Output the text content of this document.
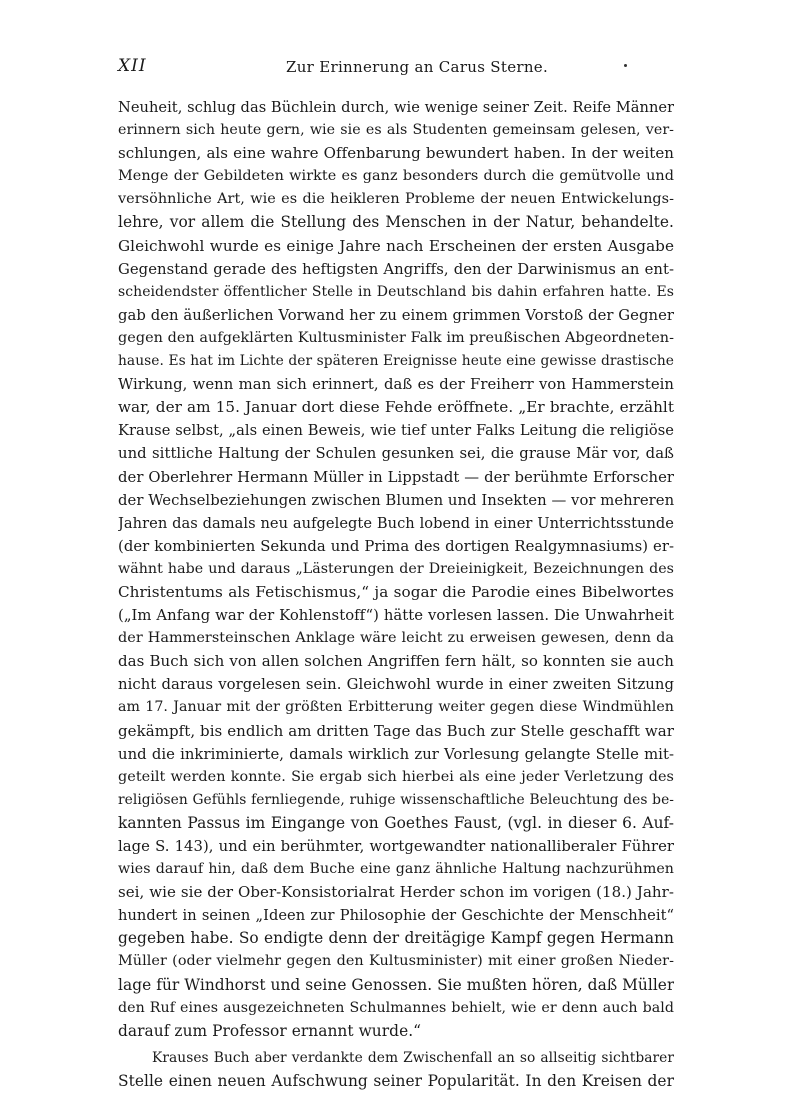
XII	Zur Erinnerung an Carus Sterne.
Neuheit, schlug das Büchlein durch, wie wenige seiner Zeit. Reife Männer
erinnern sich heute gern, wie sie es als Studenten gemeinsam gelesen, ver-
schlungen, als eine wahre Offenbarung bewundert haben. In der weiten
Menge der Gebildeten wirkte es ganz besonders durch die gemütvolle und
versöhnliche Art, wie es die heikleren Probleme der neuen Entwickelungs-
lehre, vor allem die Stellung des Menschen in der Natur, behandelte.
Gleichwohl wurde es einige Jahre nach Erscheinen der ersten Ausgabe
Gegenstand gerade des heftigsten Angriffs, den der Darwinismus an ent-
scheidendster öffentlicher Stelle in Deutschland bis dahin erfahren hatte. Es
gab den äußerlichen Vorwand her zu einem grimmen Vorstoß der Gegner
gegen den aufgeklärten Kultusminister Falk im preußischen Abgeordneten-
hause. Es hat im Lichte der späteren Ereignisse heute eine gewisse drastische
Wirkung, wenn man sich erinnert, daß es der Freiherr von Hammerstein
war, der am 15. Januar dort diese Fehde eröffnete. „Er brachte, erzählt
Krause selbst, „als einen Beweis, wie tief unter Falks Leitung die religiöse
und sittliche Haltung der Schulen gesunken sei, die grause Mär vor, daß
der Oberlehrer Hermann Müller in Lippstadt — der berühmte Erforscher
der Wechselbeziehungen zwischen Blumen und Insekten — vor mehreren
Jahren das damals neu aufgelegte Buch lobend in einer Unterrichtsstunde
(der kombinierten Sekunda und Prima des dortigen Realgymnasiums) er-
wähnt habe und daraus „Lästerungen der Dreieinigkeit, Bezeichnungen des
Christentums als Fetischismus,“ ja sogar die Parodie eines Bibelwortes
(„Im Anfang war der Kohlenstoff“) hätte vorlesen lassen. Die Unwahrheit
der Hammersteinschen Anklage wäre leicht zu erweisen gewesen, denn da
das Buch sich von allen solchen Angriffen fern hält, so konnten sie auch
nicht daraus vorgelesen sein. Gleichwohl wurde in einer zweiten Sitzung
am 17. Januar mit der größten Erbitterung weiter gegen diese Windmühlen
gekämpft, bis endlich am dritten Tage das Buch zur Stelle geschafft war
und die inkriminierte, damals wirklich zur Vorlesung gelangte Stelle mit-
geteilt werden konnte. Sie ergab sich hierbei als eine jeder Verletzung des
religiösen Gefühls fernliegende, ruhige wissenschaftliche Beleuchtung des be-
kannten Passus im Eingange von Goethes Faust, (vgl. in dieser 6. Auf-
lage S. 143), und ein berühmter, wortgewandter nationalliberaler Führer
wies darauf hin, daß dem Buche eine ganz ähnliche Haltung nachzurühmen
sei, wie sie der Ober-Konsistorialrat Herder schon im vorigen (18.) Jahr-
hundert in seinen „Ideen zur Philosophie der Geschichte der Menschheit“
gegeben habe. So endigte denn der dreitägige Kampf gegen Hermann
Müller (oder vielmehr gegen den Kultusminister) mit einer großen Nieder-
lage für Windhorst und seine Genossen. Sie mußten hören, daß Müller
den Ruf eines ausgezeichneten Schulmannes behielt, wie er denn auch bald
darauf zum Professor ernannt wurde.“
Krauses Buch aber verdankte dem Zwischenfall an so allseitig sichtbarer
Stelle einen neuen Aufschwung seiner Popularität. In den Kreisen der
